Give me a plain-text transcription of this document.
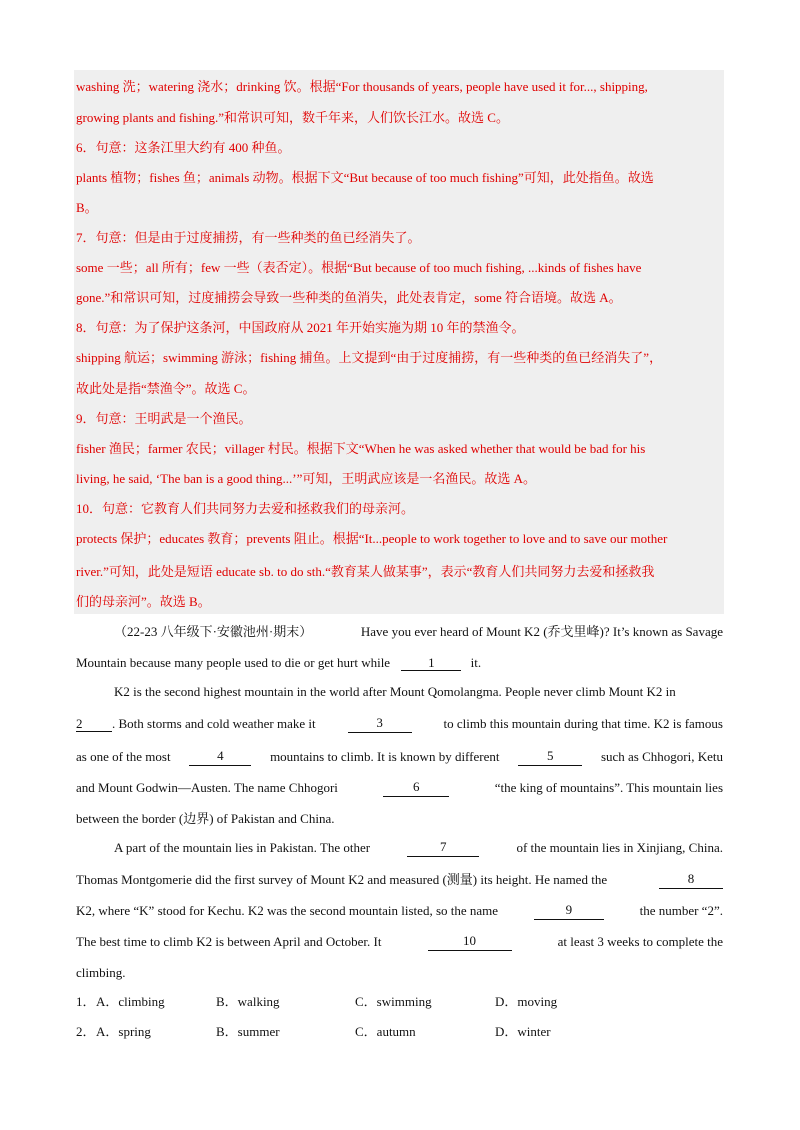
washing 洗；watering 浇水；drinking 饮。根据“For thousands of years, people have used it for..., shipping,
growing plants and fishing.”和常识可知，数千年来，人们饮长江水。故选 C。
6．句意：这条江里大约有 400 种鱼。
plants 植物；fishes 鱼；animals 动物。根据下文“But because of too much fishing”可知，此处指鱼。故选
B。
7．句意：但是由于过度捕捞，有一些种类的鱼已经消失了。
some 一些；all 所有；few 一些（表否定）。根据“But because of too much fishing, ...kinds of fishes have
gone.”和常识可知，过度捕捞会导致一些种类的鱼消失，此处表肯定，some 符合语境。故选 A。
8．句意：为了保护这条河，中国政府从 2021 年开始实施为期 10 年的禁渔令。
shipping 航运；swimming 游泳；fishing 捕鱼。上文提到“由于过度捕捞，有一些种类的鱼已经消失了”，
故此处是指“禁渔令”。故选 C。
9．句意：王明武是一个渔民。
fisher 渔民；farmer 农民；villager 村民。根据下文“When he was asked whether that would be bad for his
living, he said, ‘The ban is a good thing...’”可知，王明武应该是一名渔民。故选 A。
10．句意：它教育人们共同努力去爱和拯救我们的母亲河。
protects 保护；educates 教育；prevents 阻止。根据“It...people to work together to love and to save our mother
river.”可知，此处是短语 educate sb. to do sth.“教育某人做某事”，表示“教育人们共同努力去爱和拯救我
们的母亲河”。故选 B。
（22-23 八年级下·安徽池州·期末）	Have you ever heard of Mount K2 (乔戈里峰)? It’s known as Savage
Mountain because many people used to die or get hurt while	1	it.
K2 is the second highest mountain in the world after Mount Qomolangma. People never climb Mount K2 in
2 . Both storms and cold weather make it	3	to climb this mountain during that time. K2 is famous
as one of the most	4	mountains to climb. It is known by different	5	such as Chhogori, Ketu
and Mount Godwin—Austen. The name Chhogori	6	“the king of mountains”. This mountain lies
between the border (边界) of Pakistan and China.
A part of the mountain lies in Pakistan. The other	7	of the mountain lies in Xinjiang, China.
Thomas Montgomerie did the first survey of Mount K2 and measured (测量) its height. He named the	8
K2, where “K” stood for Kechu. K2 was the second mountain listed, so the name	9	the number “2”.
The best time to climb K2 is between April and October. It	10	at least 3 weeks to complete the
climbing.
1． A．climbing	B．walking	C．swimming	D．moving
2． A．spring	B．summer	C．autumn	D．winter
